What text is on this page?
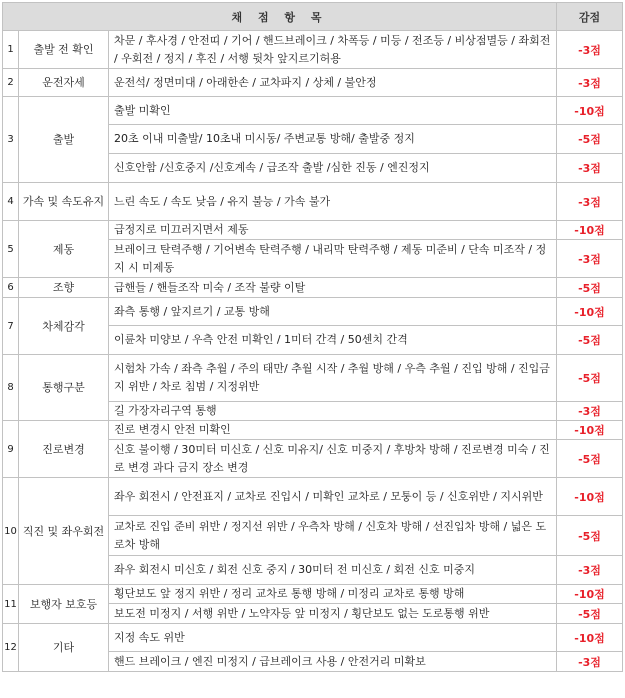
채 점 항 목			감점
1	출발 전 확인	차문 / 후사경 / 안전띠 / 기어 / 핸드브레이크 / 차폭등 / 미등 / 전조등 / 비상점멸등 / 좌회전 / 우회전 / 정지 / 후진 / 서행 뒷차 앞지르기허용	-3점
2	운전자세	운전석/ 정면미대 / 아래한손 / 교차파지 / 상체 / 불안정	-3점
3	출발	출발 미확인	-10점
		20초 이내 미출발/ 10초내 미시동/ 주변교통 방해/ 출발중 정지	-5점
		신호안함 /신호중지 /신호계속 / 급조작 출발 /심한 진동 / 엔진정지	-3점
4	가속 및 속도유지	느린 속도 / 속도 낮음 / 유지 불능 / 가속 불가	-3점
5	제동	급정지로 미끄러지면서 제동	-10점
		브레이크 탄력주행 / 기어변속 탄력주행 / 내리막 탄력주행 / 제동 미준비 / 단속 미조작 / 정지 시 미제동	-3점
6	조향	급핸들 / 핸들조작 미숙 / 조작 불량 이탈	-5점
7	차체감각	좌측 통행 / 앞지르기 / 교통 방해	-10점
		이륜차 미양보 / 우측 안전 미확인 / 1미터 간격 / 50센치 간격	-5점
8	통행구분	시험차 가속 / 좌측 추월 / 주의 태만/ 추월 시작 / 추월 방해 / 우측 추월 / 진입 방해 / 진입금지 위반 / 차로 침범 / 지정위반	-5점
		길 가장자리구역 통행	-3점
9	진로변경	진로 변경시 안전 미확인	-10점
		신호 불이행 / 30미터 미신호 / 신호 미유지/ 신호 미중지 / 후방차 방해 / 진로변경 미숙 / 진로 변경 과다 금지 장소 변경	-5점
10	직진 및 좌우회전	좌우 회전시 / 안전표지 / 교차로 진입시 / 미확인 교차로 / 모퉁이 등 / 신호위반 / 지시위반	-10점
		교차로 진입 준비 위반 / 정지선 위반 / 우측차 방해 / 신호차 방해 / 선진입차 방해 / 넓은 도로차 방해	-5점
		좌우 회전시 미신호 / 회전 신호 중지 / 30미터 전 미신호 / 회전 신호 미중지	-3점
11	보행자 보호등	횡단보도 앞 정지 위반 / 정리 교차로 통행 방해 / 미정리 교차로 통행 방해	-10점
		보도전 미정지 / 서행 위반 / 노약자등 앞 미정지 / 횡단보도 없는 도로통행 위반	-5점
12	기타	지정 속도 위반	-10점
		핸드 브레이크 / 엔진 미정지 / 급브레이크 사용 / 안전거리 미확보	-3점
